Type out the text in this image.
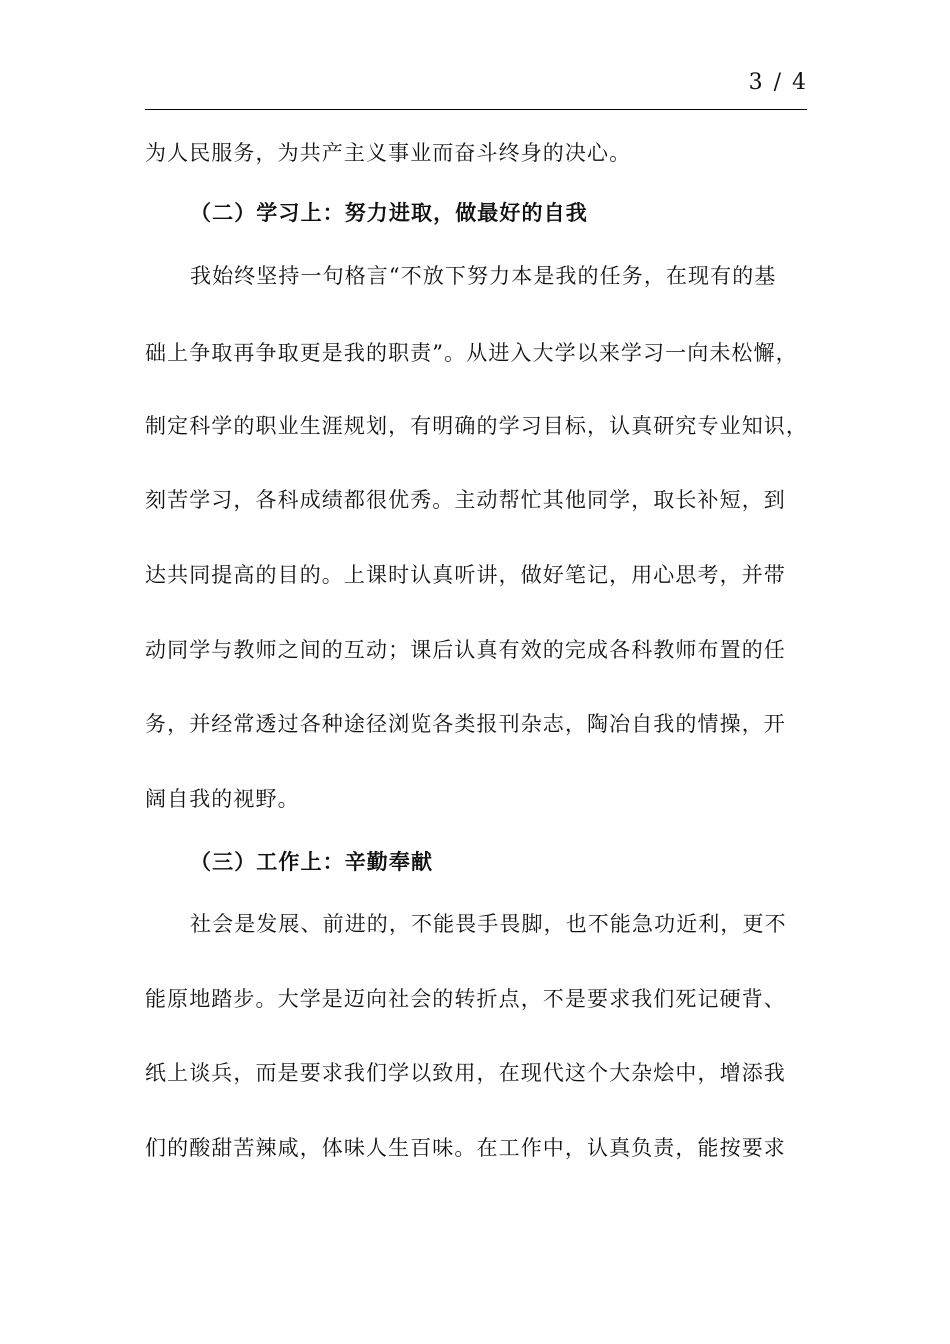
3 / 4
为人民服务，为共产主义事业而奋斗终身的决心。
（二）学习上：努力进取，做最好的自我
我始终坚持一句格言“不放下努力本是我的任务，在现有的基
础上争取再争取更是我的职责”。从进入大学以来学习一向未松懈，
制定科学的职业生涯规划，有明确的学习目标，认真研究专业知识，
刻苦学习，各科成绩都很优秀。主动帮忙其他同学，取长补短，到
达共同提高的目的。上课时认真听讲，做好笔记，用心思考，并带
动同学与教师之间的互动；课后认真有效的完成各科教师布置的任
务，并经常透过各种途径浏览各类报刊杂志，陶冶自我的情操，开
阔自我的视野。
（三）工作上：辛勤奉献
社会是发展、前进的，不能畏手畏脚，也不能急功近利，更不
能原地踏步。大学是迈向社会的转折点，不是要求我们死记硬背、
纸上谈兵，而是要求我们学以致用，在现代这个大杂烩中，增添我
们的酸甜苦辣咸，体味人生百味。在工作中，认真负责，能按要求
